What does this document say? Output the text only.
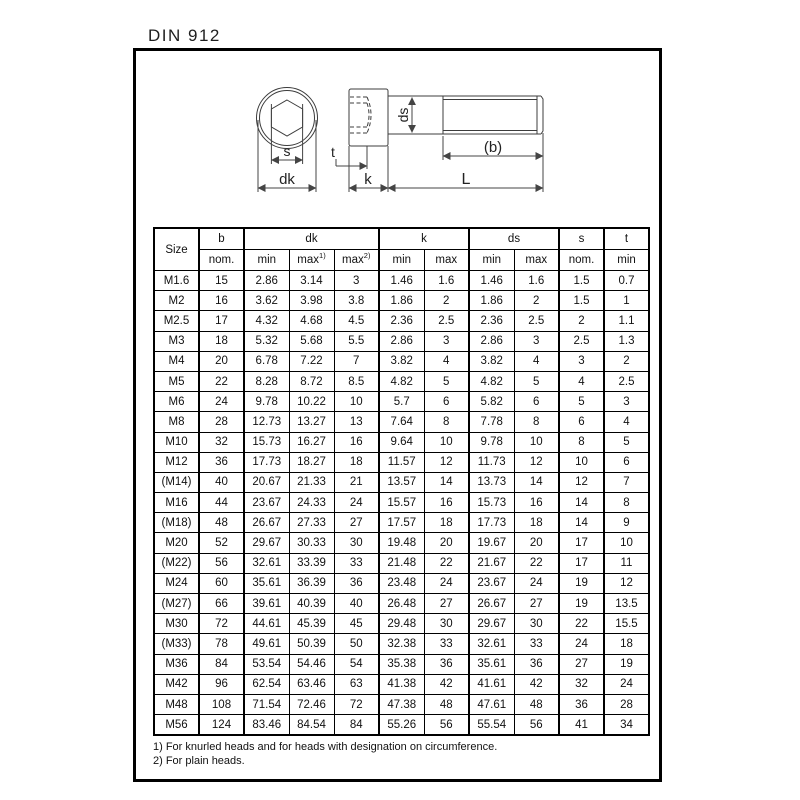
DIN 912
s
dk
t
k	L
(b)
ds
Size	b	dk			k		ds		s	t
	nom.	min	$\max^{1)}$	$\max^{2)}$	min	max	min	max	nom.	min
M1.6	15	2.86	3.14	3	1.46	1.6	1.46	1.6	1.5	0.7
M2	16	3.62	3.98	3.8	1.86	2	1.86	2	1.5	1
M2.5	17	4.32	4.68	4.5	2.36	2.5	2.36	2.5	2	1.1
M3	18	5.32	5.68	5.5	2.86	3	2.86	3	2.5	1.3
M4	20	6.78	7.22	7	3.82	4	3.82	4	3	2
M5	22	8.28	8.72	8.5	4.82	5	4.82	5	4	2.5
M6	24	9.78	10.22	10	5.7	6	5.82	6	5	3
M8	28	12.73	13.27	13	7.64	8	7.78	8	6	4
M10	32	15.73	16.27	16	9.64	10	9.78	10	8	5
M12	36	17.73	18.27	18	11.57	12	11.73	12	10	6
(M14)	40	20.67	21.33	21	13.57	14	13.73	14	12	7
M16	44	23.67	24.33	24	15.57	16	15.73	16	14	8
(M18)	48	26.67	27.33	27	17.57	18	17.73	18	14	9
M20	52	29.67	30.33	30	19.48	20	19.67	20	17	10
(M22)	56	32.61	33.39	33	21.48	22	21.67	22	17	11
M24	60	35.61	36.39	36	23.48	24	23.67	24	19	12
(M27)	66	39.61	40.39	40	26.48	27	26.67	27	19	13.5
M30	72	44.61	45.39	45	29.48	30	29.67	30	22	15.5
(M33)	78	49.61	50.39	50	32.38	33	32.61	33	24	18
M36	84	53.54	54.46	54	35.38	36	35.61	36	27	19
M42	96	62.54	63.46	63	41.38	42	41.61	42	32	24
M48	108	71.54	72.46	72	47.38	48	47.61	48	36	28
M56	124	83.46	84.54	84	55.26	56	55.54	56	41	34
1) For knurled heads and for heads with designation on circumference.
2) For plain heads.
